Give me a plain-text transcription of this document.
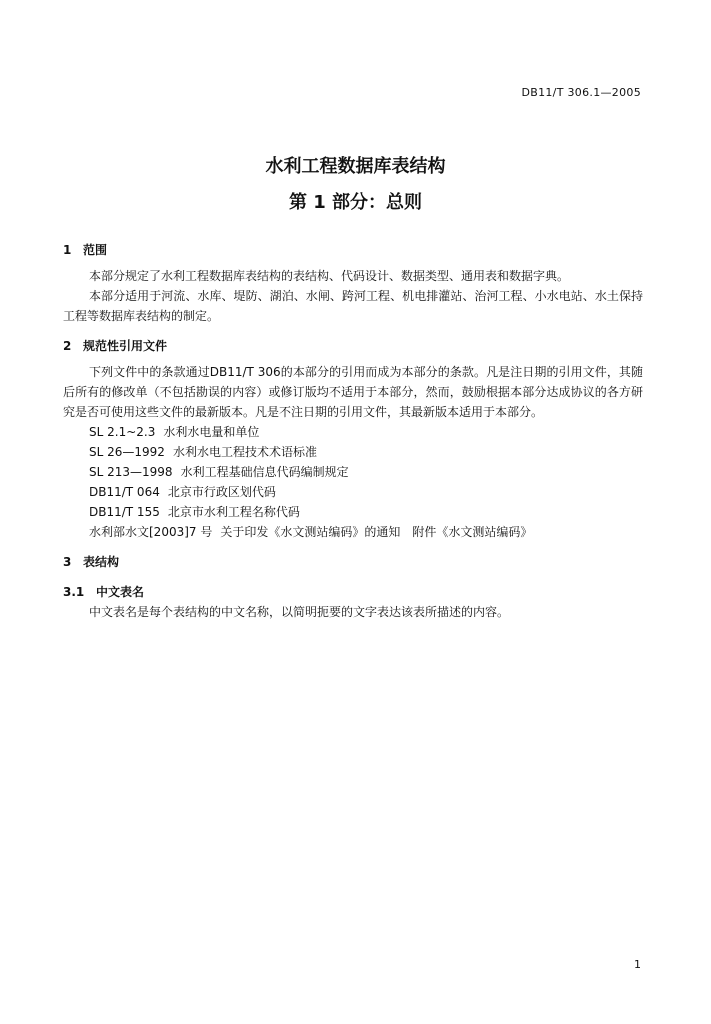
DB11/T 306.1—2005
水利工程数据库表结构
第 1 部分：总则

1 范围

本部分规定了水利工程数据库表结构的表结构、代码设计、数据类型、通用表和数据字典。

本部分适用于河流、水库、堤防、湖泊、水闸、跨河工程、机电排灌站、治河工程、小水电站、水土保持工程等数据库表结构的制定。

2 规范性引用文件

下列文件中的条款通过DB11/T 306的本部分的引用而成为本部分的条款。凡是注日期的引用文件，其随后所有的修改单（不包括勘误的内容）或修订版均不适用于本部分，然而，鼓励根据本部分达成协议的各方研究是否可使用这些文件的最新版本。凡是不注日期的引用文件，其最新版本适用于本部分。

SL 2.1~2.3 水利水电量和单位
SL 26—1992 水利水电工程技术术语标准
SL 213—1998 水利工程基础信息代码编制规定
DB11/T 064 北京市行政区划代码
DB11/T 155 北京市水利工程名称代码
水利部水文[2003]7 号 关于印发《水文测站编码》的通知　附件《水文测站编码》

3 表结构

3.1 中文表名

中文表名是每个表结构的中文名称，以简明扼要的文字表达该表所描述的内容。

1
